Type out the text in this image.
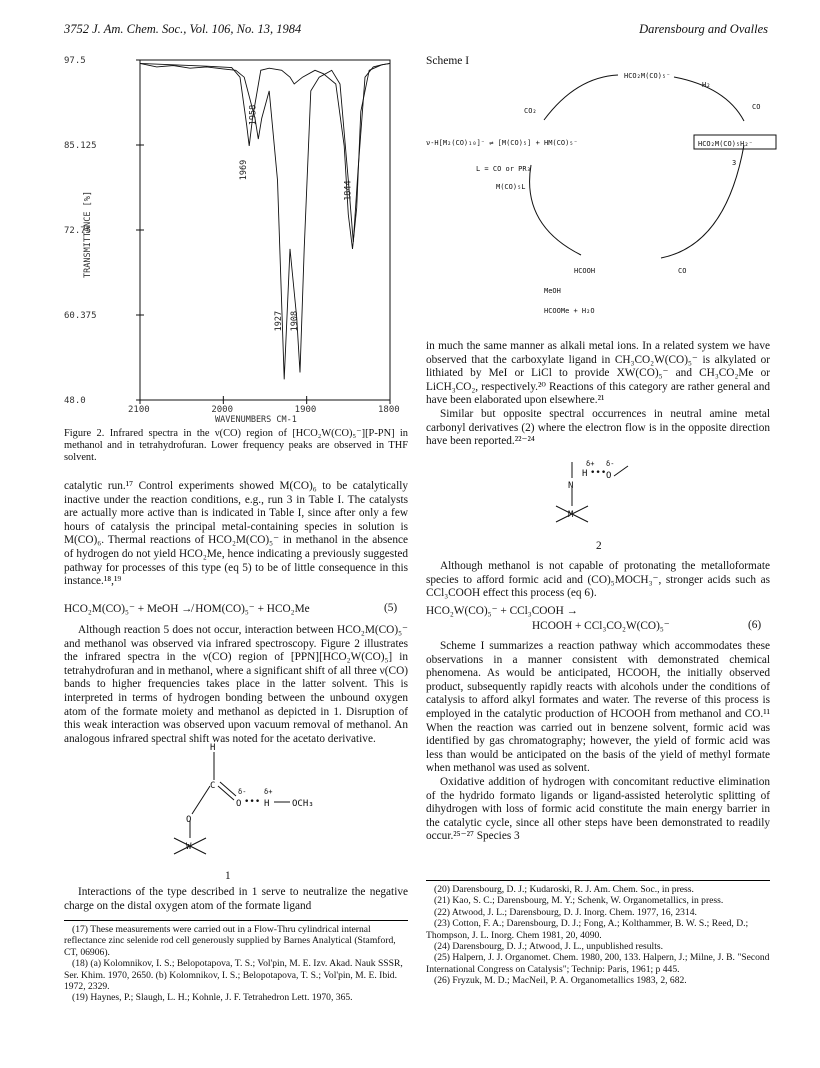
3752 J. Am. Chem. Soc., Vol. 106, No. 13, 1984	Darensbourg and Ovalles
97.5
85.125
72.75
60.375
48.0
2100	2000	1900	1800
WAVENUMBERS CM-1
TRANSMITTANCE [%]
1958
1969
1844
1927 1908
Figure 2. Infrared spectra in the ν(CO) region of [HCO₂W(CO)₅⁻][P-PN] in methanol and in tetrahydrofuran. Lower frequency peaks are observed in THF solvent.

catalytic run.¹⁷ Control experiments showed M(CO)₆ to be catalytically inactive under the reaction conditions, e.g., run 3 in Table I. The catalysts are actually more active than is indicated in Table I, since after only a few hours of catalysis the principal metal-containing species in solution is M(CO)₆. Thermal reactions of HCO₂M(CO)₅⁻ in methanol in the absence of hydrogen do not yield HCO₂Me, hence indicating a previously suggested pathway for processes of this type (eq 5) to be of little consequence in this instance.¹⁸,¹⁹

HCO₂M(CO)₅⁻ + MeOH ↛ HOM(CO)₅⁻ + HCO₂Me	(5)

Although reaction 5 does not occur, interaction between HCO₂M(CO)₅⁻ and methanol was observed via infrared spectroscopy. Figure 2 illustrates the infrared spectra in the ν(CO) region of [PPN][HCO₂W(CO)₅] in tetrahydrofuran and in methanol, where a significant shift of all three ν(CO) bands to higher frequencies takes place in the latter solvent. This is interpreted in terms of hydrogen bonding between the unbound oxygen atom of the formate moiety and methanol as depicted in 1. Disruption of this weak interaction was observed upon vacuum removal of methanol. An analogous infrared spectral shift was noted for the acetato derivative.

H
C
O
O ••• H	OCH₃
δ-	δ+
W
1

Interactions of the type described in 1 serve to neutralize the negative charge on the distal oxygen atom of the formate ligand

(17) These measurements were carried out in a Flow-Thru cylindrical internal reflectance zinc selenide rod cell generously supplied by Barnes Analytical (Stamford, CT, 06906).
(18) (a) Kolomnikov, I. S.; Belopotapova, T. S.; Vol'pin, M. E. Izv. Akad. Nauk SSSR, Ser. Khim. 1970, 2650. (b) Kolomnikov, I. S.; Belopotapova, T. S.; Vol'pin, M. E. Ibid. 1972, 2329.
(19) Haynes, P.; Slaugh, L. H.; Kohnle, J. F. Tetrahedron Lett. 1970, 365.
Scheme I
HCO₂M(CO)₅⁻
H₂
CO
CO₂
ν-H[M₂(CO)₁₀]⁻ ⇌ [M(CO)₅] + HM(CO)₅⁻	HCO₂M(CO)₅H₂⁻
3
L = CO or PR₃
M(CO)₅L
HCOOH	CO
MeOH
HCOOMe + H₂O

in much the same manner as alkali metal ions. In a related system we have observed that the carboxylate ligand in CH₃CO₂W(CO)₅⁻ is alkylated or lithiated by MeI or LiCl to provide XW(CO)₅⁻ and CH₃CO₂Me or LiCH₃CO₂, respectively.²⁰ Reactions of this category are rather general and have been elaborated upon elsewhere.²¹

Similar but opposite spectral occurrences in neutral amine metal carbonyl derivatives (2) where the electron flow is in the opposite direction have been reported.²²⁻²⁴

δ+ δ-
H ••• O
N
M
2

Although methanol is not capable of protonating the metalloformate species to afford formic acid and (CO)₅MOCH₃⁻, stronger acids such as CCl₃COOH effect this process (eq 6).

HCO₂W(CO)₅⁻ + CCl₃COOH →
HCOOH + CCl₃CO₂W(CO)₅⁻	(6)

Scheme I summarizes a reaction pathway which accommodates these observations in a manner consistent with demonstrated chemical phenomena. As would be anticipated, HCOOH, the initially observed product, subsequently rapidly reacts with alcohols under the conditions of catalysis to afford alkyl formates and water. The reverse of this process is employed in the catalytic production of HCOOH from methanol and CO.¹¹ When the reaction was carried out in benzene solvent, formic acid was identified by gas chromatography; however, the yield of formic acid was less than would be anticipated on the basis of the yield of methyl formate when methanol was used as solvent.

Oxidative addition of hydrogen with concomitant reductive elimination of the hydrido formato ligands or ligand-assisted heterolytic splitting of dihydrogen with loss of formic acid constitute the main energy barrier in the catalytic cycle, since all other steps have been demonstrated to readily occur.²⁵⁻²⁷ Species 3

(20) Darensbourg, D. J.; Kudaroski, R. J. Am. Chem. Soc., in press.
(21) Kao, S. C.; Darensbourg, M. Y.; Schenk, W. Organometallics, in press.
(22) Atwood, J. L.; Darensbourg, D. J. Inorg. Chem. 1977, 16, 2314.
(23) Cotton, F. A.; Darensbourg, D. J.; Fong, A.; Kolthammer, B. W. S.; Reed, D.; Thompson, J. L. Inorg. Chem 1981, 20, 4090.
(24) Darensbourg, D. J.; Atwood, J. L., unpublished results.
(25) Halpern, J. J. Organomet. Chem. 1980, 200, 133. Halpern, J.; Milne, J. B. "Second International Congress on Catalysis"; Technip: Paris, 1961; p 445.
(26) Fryzuk, M. D.; MacNeil, P. A. Organometallics 1983, 2, 682.
